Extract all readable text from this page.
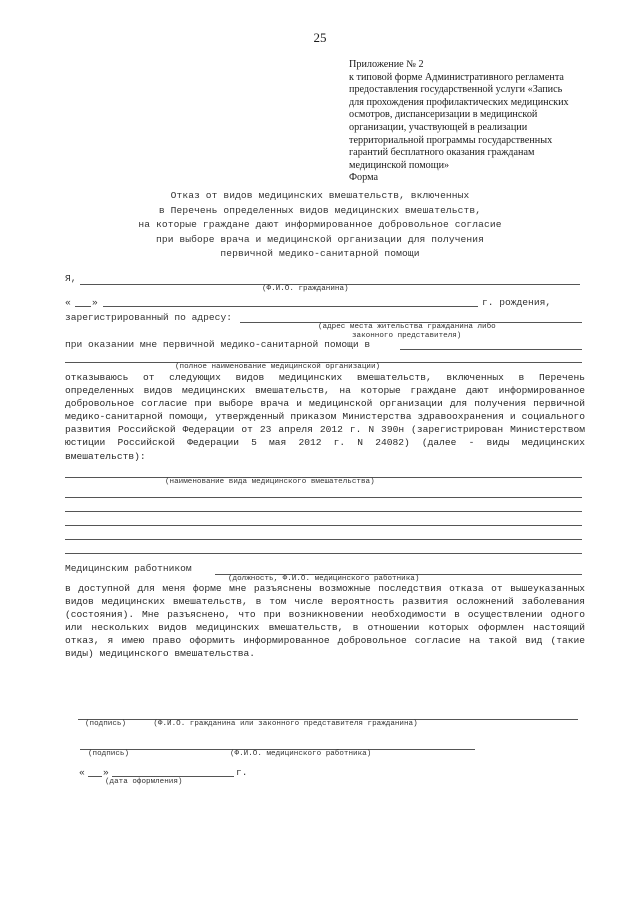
25
Приложение № 2
к типовой форме Административного регламента
предоставления государственной услуги «Запись
для прохождения профилактических медицинских
осмотров, диспансеризации в медицинской
организации, участвующей в реализации
территориальной программы государственных
гарантий бесплатного оказания гражданам
медицинской помощи»
Форма
Отказ от видов медицинских вмешательств, включенных
в Перечень определенных видов медицинских вмешательств,
на которые граждане дают информированное добровольное согласие
при выборе врача и медицинской организации для получения
первичной медико-санитарной помощи
Я,
(Ф.И.О. гражданина)
« »	г. рождения,
зарегистрированный по адресу:
(адрес места жительства гражданина либо
законного представителя)
при оказании мне первичной медико-санитарной помощи в
(полное наименование медицинской организации)
отказываюсь от следующих видов медицинских вмешательств, включенных в Перечень определенных видов медицинских вмешательств, на которые граждане дают информированное добровольное согласие при выборе врача и медицинской организации для получения первичной медико-санитарной помощи, утвержденный приказом Министерства здравоохранения и социального развития Российской Федерации от 23 апреля 2012 г. N 390н (зарегистрирован Министерством юстиции Российской Федерации 5 мая 2012 г. N 24082) (далее - виды медицинских вмешательств):
(наименование вида медицинского вмешательства)
Медицинским работником
(должность, Ф.И.О. медицинского работника)
в доступной для меня форме мне разъяснены возможные последствия отказа от вышеуказанных видов медицинских вмешательств, в том числе вероятность развития осложнений заболевания (состояния). Мне разъяснено, что при возникновении необходимости в осуществлении одного или нескольких видов медицинских вмешательств, в отношении которых оформлен настоящий отказ, я имею право оформить информированное добровольное согласие на такой вид (такие виды) медицинского вмешательства.
(подпись)      (Ф.И.О. гражданина или законного представителя гражданина)
(подпись)	(Ф.И.О. медицинского работника)
« »	г.
(дата оформления)
